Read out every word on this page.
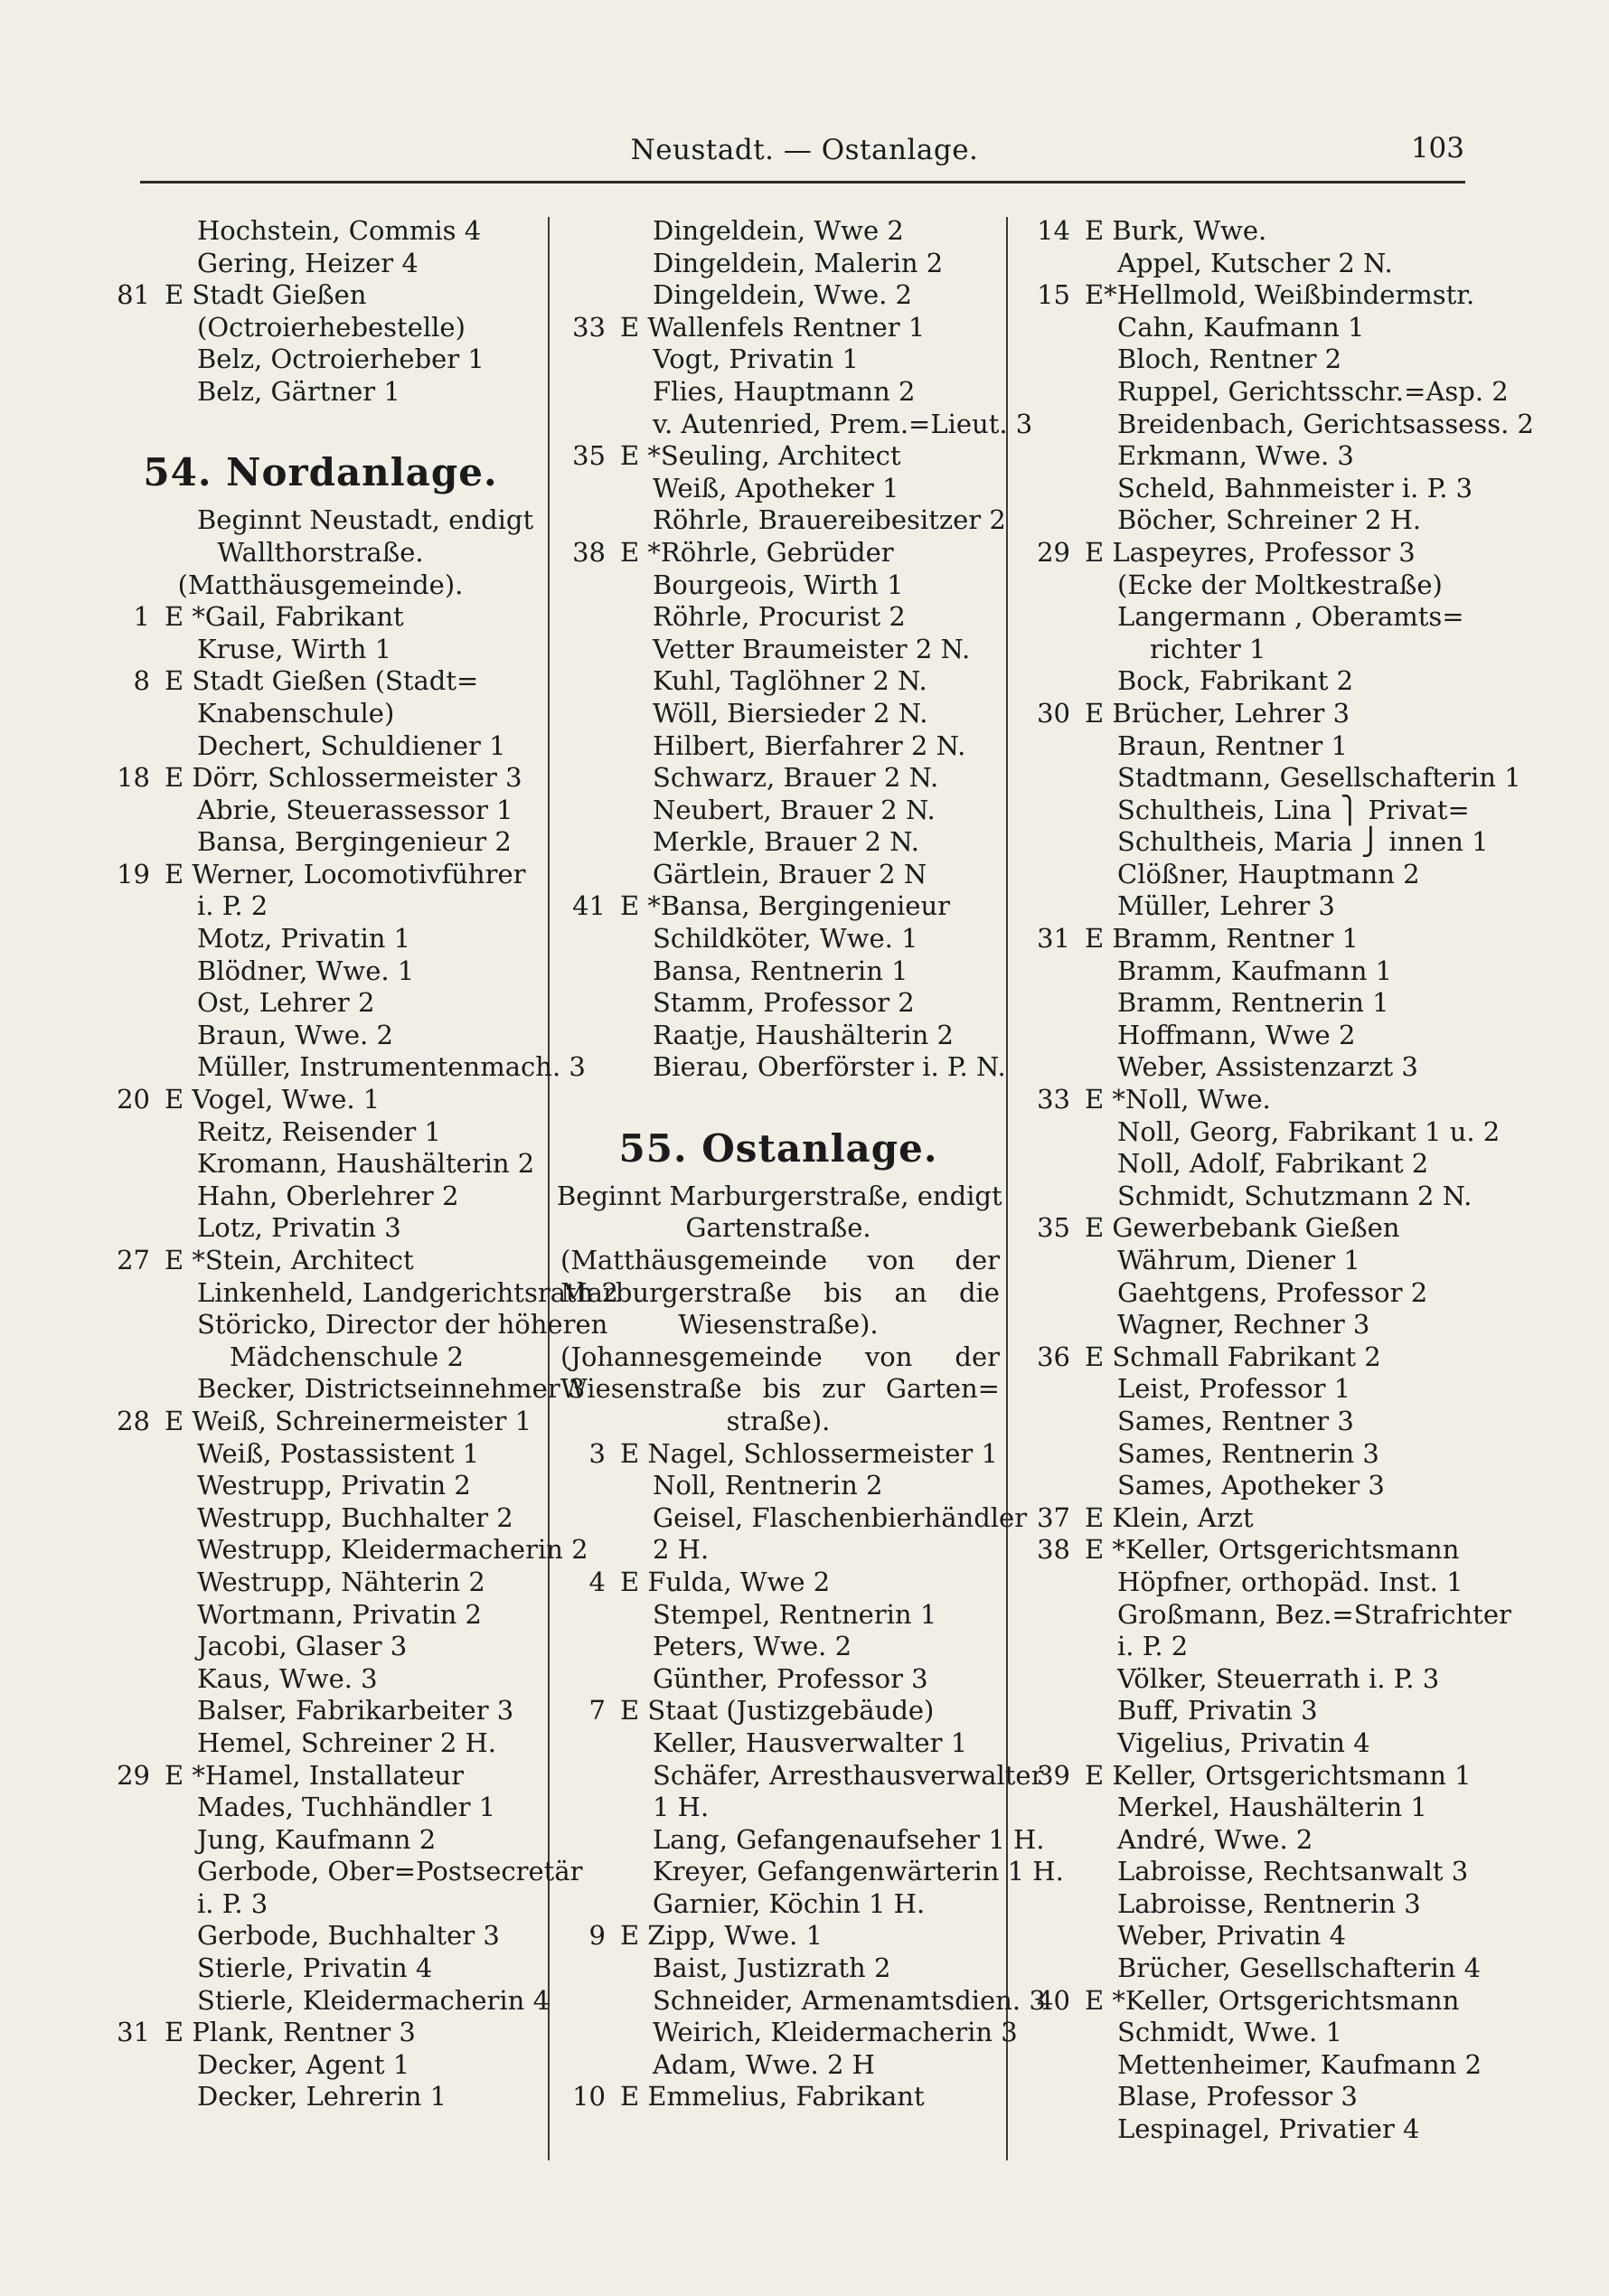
Neustadt. — Ostanlage.	103
Hochstein, Commis 4
Gering, Heizer 4
81 E Stadt Gießen
(Octroierhebestelle)
Belz, Octroierheber 1
Belz, Gärtner 1
54. Nordanlage.
Beginnt Neustadt, endigt
Wallthorstraße.
(Matthäusgemeinde).
1 E *Gail, Fabrikant
Kruse, Wirth 1
8 E Stadt Gießen (Stadt=
Knabenschule)
Dechert, Schuldiener 1
18 E Dörr, Schlossermeister 3
Abrie, Steuerassessor 1
Bansa, Bergingenieur 2
19 E Werner, Locomotivführer
i. P. 2
Motz, Privatin 1
Blödner, Wwe. 1
Ost, Lehrer 2
Braun, Wwe. 2
Müller, Instrumentenmach. 3
20 E Vogel, Wwe. 1
Reitz, Reisender 1
Kromann, Haushälterin 2
Hahn, Oberlehrer 2
Lotz, Privatin 3
27 E *Stein, Architect
Linkenheld, Landgerichtsrath 2
Störicko, Director der höheren
Mädchenschule 2
Becker, Districtseinnehmer 3
28 E Weiß, Schreinermeister 1
Weiß, Postassistent 1
Westrupp, Privatin 2
Westrupp, Buchhalter 2
Westrupp, Kleidermacherin 2
Westrupp, Nähterin 2
Wortmann, Privatin 2
Jacobi, Glaser 3
Kaus, Wwe. 3
Balser, Fabrikarbeiter 3
Hemel, Schreiner 2 H.
29 E *Hamel, Installateur
Mades, Tuchhändler 1
Jung, Kaufmann 2
Gerbode, Ober=Postsecretär
i. P. 3
Gerbode, Buchhalter 3
Stierle, Privatin 4
Stierle, Kleidermacherin 4
31 E Plank, Rentner 3
Decker, Agent 1
Decker, Lehrerin 1
Dingeldein, Wwe 2
Dingeldein, Malerin 2
Dingeldein, Wwe. 2
33 E Wallenfels Rentner 1
Vogt, Privatin 1
Flies, Hauptmann 2
v. Autenried, Prem.=Lieut. 3
35 E *Seuling, Architect
Weiß, Apotheker 1
Röhrle, Brauereibesitzer 2
38 E *Röhrle, Gebrüder
Bourgeois, Wirth 1
Röhrle, Procurist 2
Vetter Braumeister 2 N.
Kuhl, Taglöhner 2 N.
Wöll, Biersieder 2 N.
Hilbert, Bierfahrer 2 N.
Schwarz, Brauer 2 N.
Neubert, Brauer 2 N.
Merkle, Brauer 2 N.
Gärtlein, Brauer 2 N
41 E *Bansa, Bergingenieur
Schildköter, Wwe. 1
Bansa, Rentnerin 1
Stamm, Professor 2
Raatje, Haushälterin 2
Bierau, Oberförster i. P. N.
55. Ostanlage.
Beginnt Marburgerstraße, endigt
Gartenstraße.
(Matthäusgemeinde von der
Marburgerstraße bis an die
Wiesenstraße).
(Johannesgemeinde von der
Wiesenstraße bis zur Garten=
straße).
3 E Nagel, Schlossermeister 1
Noll, Rentnerin 2
Geisel, Flaschenbierhändler
2 H.
4 E Fulda, Wwe 2
Stempel, Rentnerin 1
Peters, Wwe. 2
Günther, Professor 3
7 E Staat (Justizgebäude)
Keller, Hausverwalter 1
Schäfer, Arresthausverwalter
1 H.
Lang, Gefangenaufseher 1 H.
Kreyer, Gefangenwärterin 1 H.
Garnier, Köchin 1 H.
9 E Zipp, Wwe. 1
Baist, Justizrath 2
Schneider, Armenamtsdien. 3
Weirich, Kleidermacherin 3
Adam, Wwe. 2 H
10 E Emmelius, Fabrikant
14 E Burk, Wwe.
Appel, Kutscher 2 N.
15 E*Hellmold, Weißbindermstr.
Cahn, Kaufmann 1
Bloch, Rentner 2
Ruppel, Gerichtsschr.=Asp. 2
Breidenbach, Gerichtsassess. 2
Erkmann, Wwe. 3
Scheld, Bahnmeister i. P. 3
Böcher, Schreiner 2 H.
29 E Laspeyres, Professor 3
(Ecke der Moltkestraße)
Langermann , Oberamts=
richter 1
Bock, Fabrikant 2
30 E Brücher, Lehrer 3
Braun, Rentner 1
Stadtmann, Gesellschafterin 1
Schultheis, Lina ⎫ Privat=
Schultheis, Maria ⎭ innen 1
Clößner, Hauptmann 2
Müller, Lehrer 3
31 E Bramm, Rentner 1
Bramm, Kaufmann 1
Bramm, Rentnerin 1
Hoffmann, Wwe 2
Weber, Assistenzarzt 3
33 E *Noll, Wwe.
Noll, Georg, Fabrikant 1 u. 2
Noll, Adolf, Fabrikant 2
Schmidt, Schutzmann 2 N.
35 E Gewerbebank Gießen
Währum, Diener 1
Gaehtgens, Professor 2
Wagner, Rechner 3
36 E Schmall Fabrikant 2
Leist, Professor 1
Sames, Rentner 3
Sames, Rentnerin 3
Sames, Apotheker 3
37 E Klein, Arzt
38 E *Keller, Ortsgerichtsmann
Höpfner, orthopäd. Inst. 1
Großmann, Bez.=Strafrichter
i. P. 2
Völker, Steuerrath i. P. 3
Buff, Privatin 3
Vigelius, Privatin 4
39 E Keller, Ortsgerichtsmann 1
Merkel, Haushälterin 1
André, Wwe. 2
Labroisse, Rechtsanwalt 3
Labroisse, Rentnerin 3
Weber, Privatin 4
Brücher, Gesellschafterin 4
40 E *Keller, Ortsgerichtsmann
Schmidt, Wwe. 1
Mettenheimer, Kaufmann 2
Blase, Professor 3
Lespinagel, Privatier 4
